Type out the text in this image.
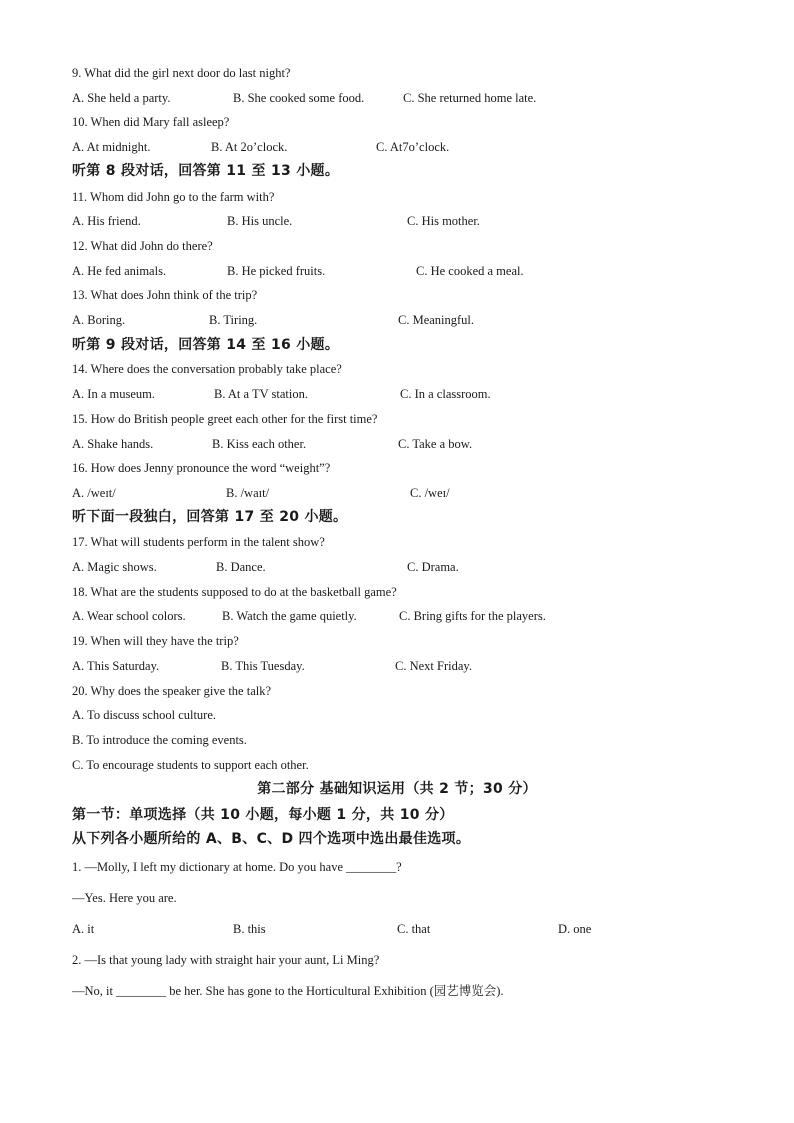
9. What did the girl next door do last night?
A. She held a party.	B. She cooked some food.	C. She returned home late.
10. When did Mary fall asleep?
A. At midnight.	B. At 2o’clock.	C. At7o’clock.
听第 8 段对话，回答第 11 至 13 小题。
11. Whom did John go to the farm with?
A. His friend.	B. His uncle.	C. His mother.
12. What did John do there?
A. He fed animals.	B. He picked fruits.	C. He cooked a meal.
13. What does John think of the trip?
A. Boring.	B. Tiring.	C. Meaningful.
听第 9 段对话，回答第 14 至 16 小题。
14. Where does the conversation probably take place?
A. In a museum.	B. At a TV station.	C. In a classroom.
15. How do British people greet each other for the first time?
A. Shake hands.	B. Kiss each other.	C. Take a bow.
16. How does Jenny pronounce the word “weight”?
A. /weɪt/	B. /waɪt/	C. /weɪ/
听下面一段独白，回答第 17 至 20 小题。
17. What will students perform in the talent show?
A. Magic shows.	B. Dance.	C. Drama.
18. What are the students supposed to do at the basketball game?
A. Wear school colors.	B. Watch the game quietly.	C. Bring gifts for the players.
19. When will they have the trip?
A. This Saturday.	B. This Tuesday.	C. Next Friday.
20. Why does the speaker give the talk?
A. To discuss school culture.
B. To introduce the coming events.
C. To encourage students to support each other.
第二部分 基础知识运用（共 2 节；30 分）
第一节：单项选择（共 10 小题，每小题 1 分，共 10 分）
从下列各小题所给的 A、B、C、D 四个选项中选出最佳选项。
1. —Molly, I left my dictionary at home. Do you have ________?
—Yes. Here you are.
A. it	B. this	C. that	D. one
2. —Is that young lady with straight hair your aunt, Li Ming?
—No, it ________ be her. She has gone to the Horticultural Exhibition (园艺博览会).
